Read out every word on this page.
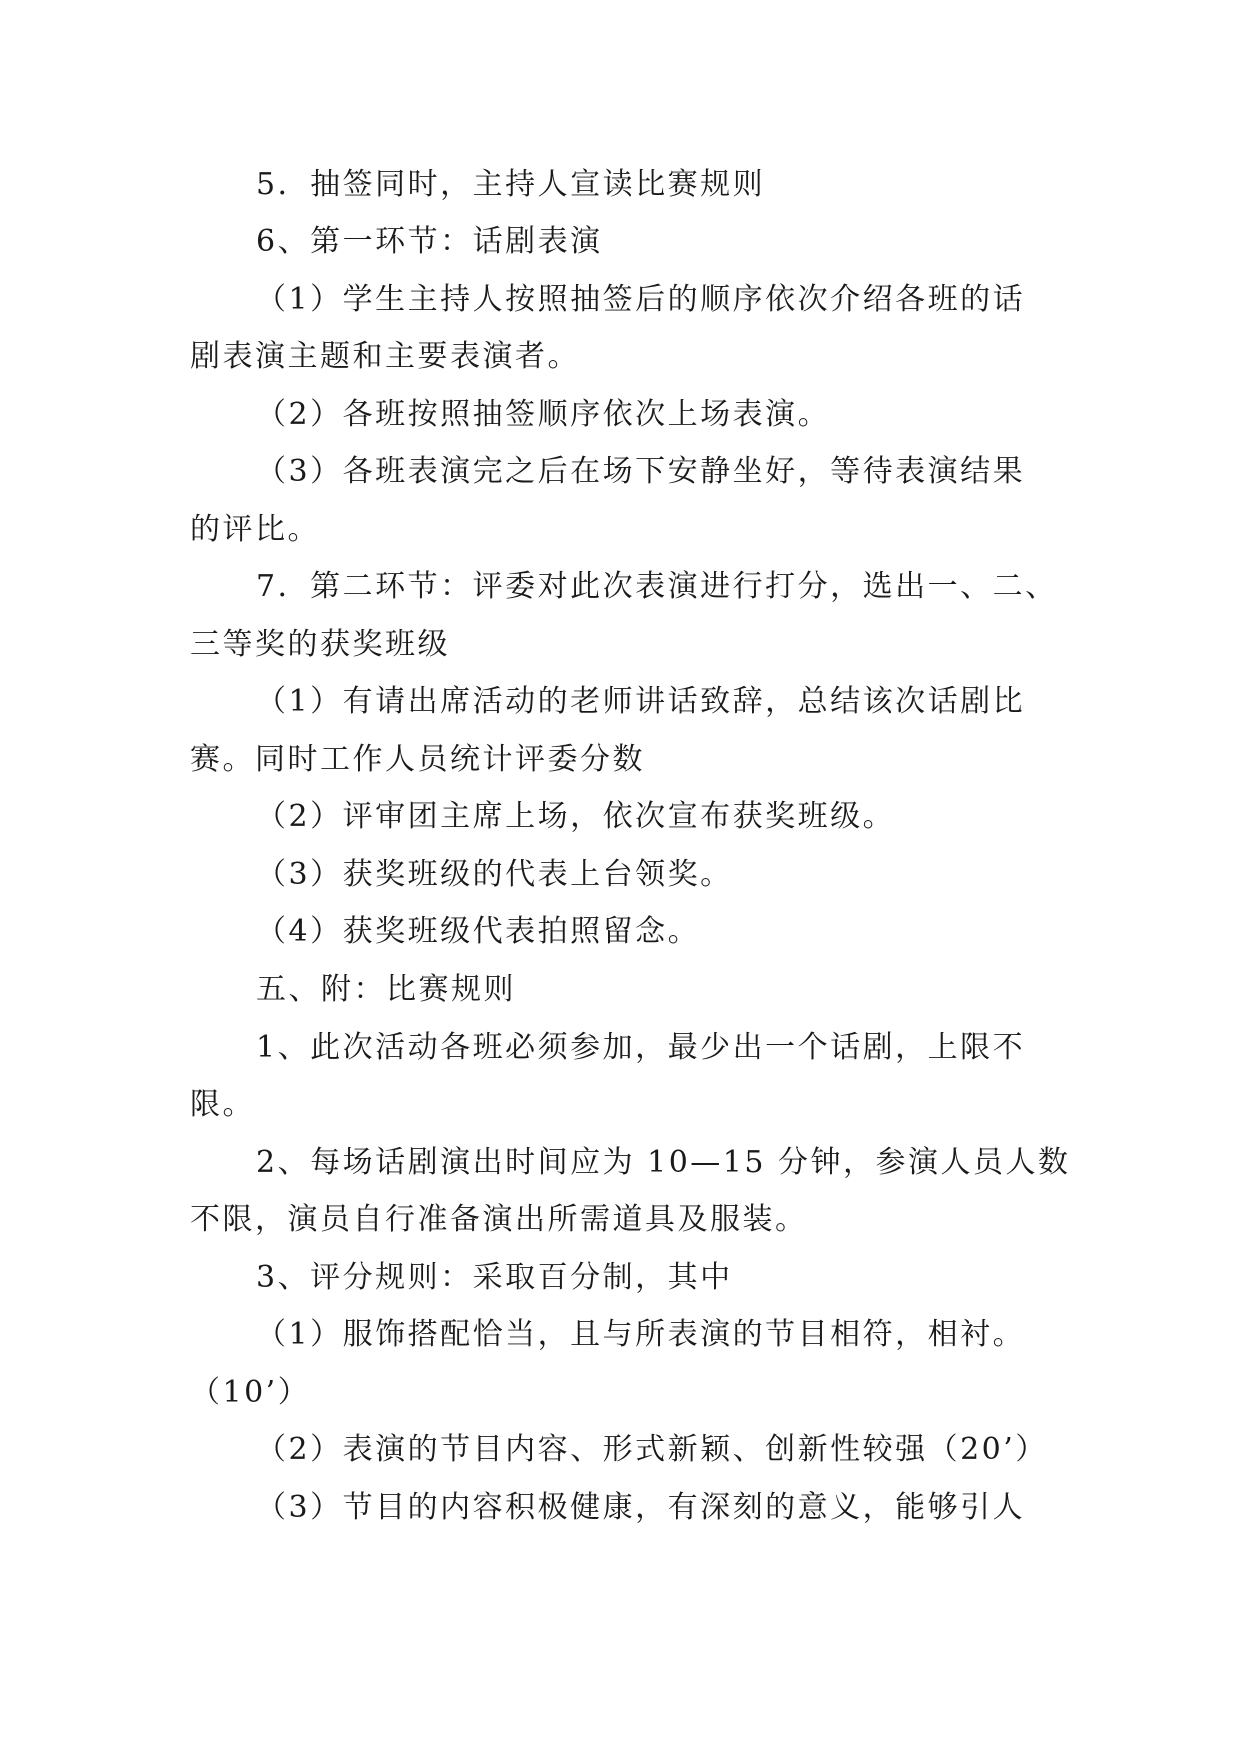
5．抽签同时，主持人宣读比赛规则
6、第一环节：话剧表演
（1）学生主持人按照抽签后的顺序依次介绍各班的话
剧表演主题和主要表演者。
（2）各班按照抽签顺序依次上场表演。
（3）各班表演完之后在场下安静坐好，等待表演结果
的评比。
7．第二环节：评委对此次表演进行打分，选出一、二、
三等奖的获奖班级
（1）有请出席活动的老师讲话致辞，总结该次话剧比
赛。同时工作人员统计评委分数
（2）评审团主席上场，依次宣布获奖班级。
（3）获奖班级的代表上台领奖。
（4）获奖班级代表拍照留念。
五、附：比赛规则
1、此次活动各班必须参加，最少出一个话剧，上限不
限。
2、每场话剧演出时间应为 10—15 分钟，参演人员人数
不限，演员自行准备演出所需道具及服装。
3、评分规则：采取百分制，其中
（1）服饰搭配恰当，且与所表演的节目相符，相衬。
（10’）
（2）表演的节目内容、形式新颖、创新性较强（20’）
（3）节目的内容积极健康，有深刻的意义，能够引人
